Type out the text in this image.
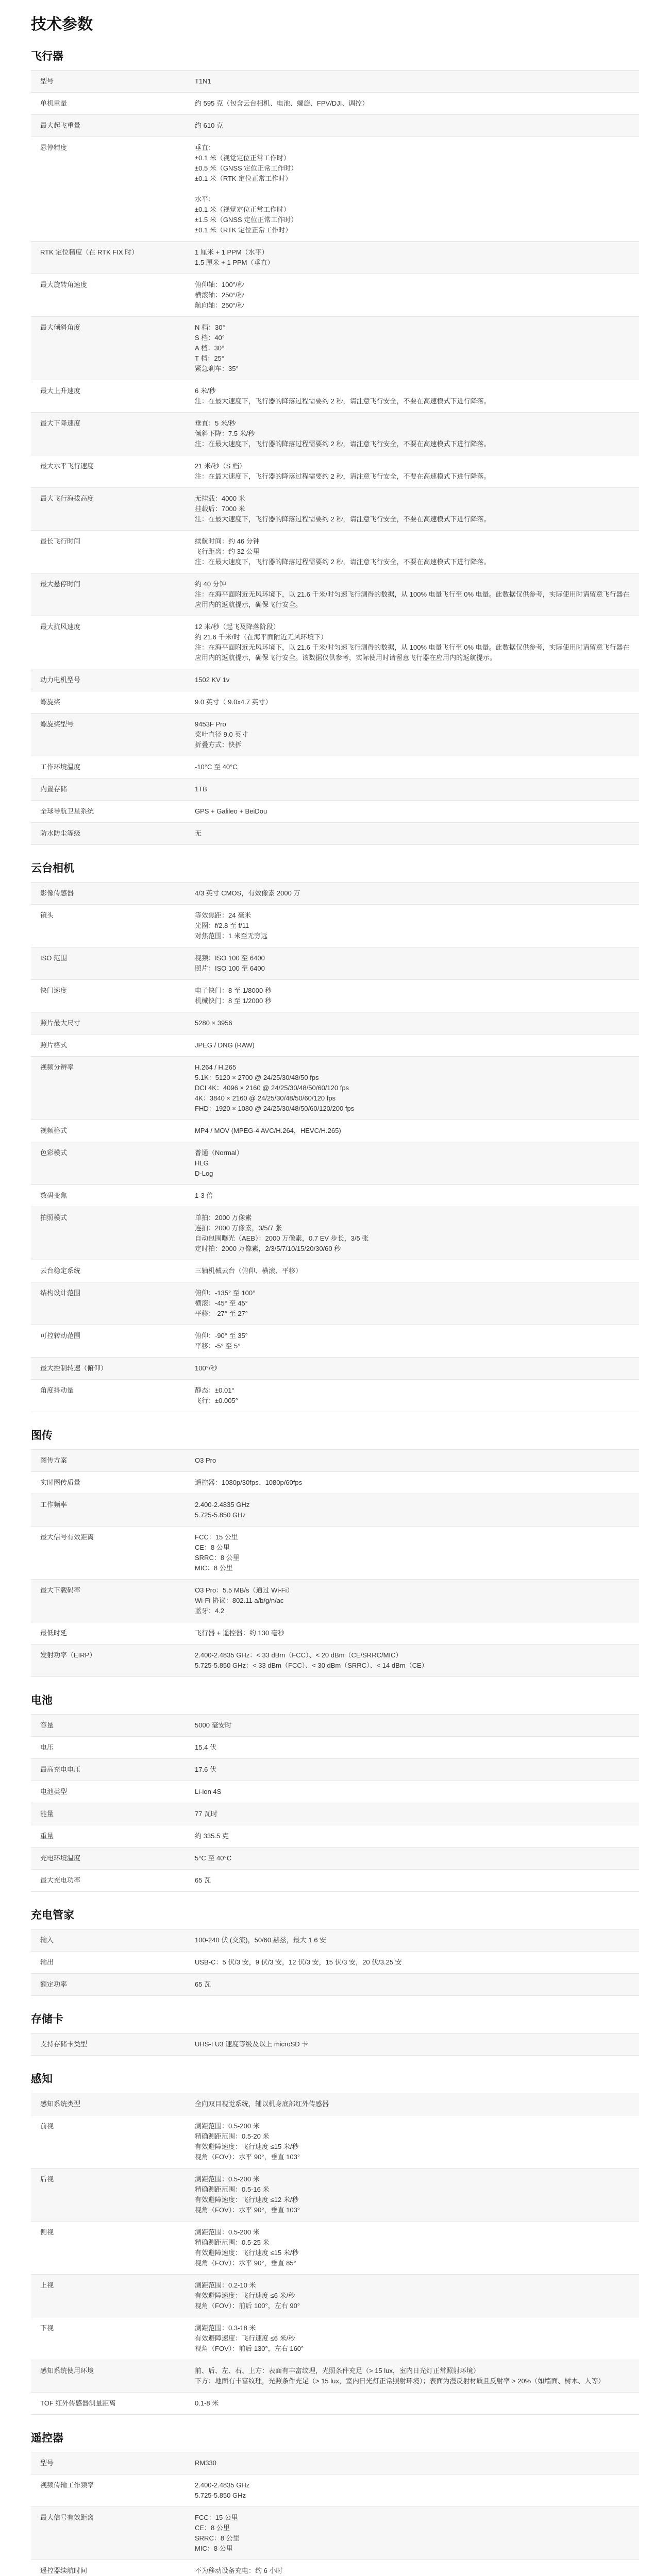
技术参数
飞行器
型号	T1N1
单机重量	约 595 克（包含云台相机、电池、螺旋、FPV/DJI、调控）
最大起飞重量	约 610 克
悬停精度	垂直：
±0.1 米（视觉定位正常工作时）
±0.5 米（GNSS 定位正常工作时）
±0.1 米（RTK 定位正常工作时）

水平：
±0.1 米（视觉定位正常工作时）
±1.5 米（GNSS 定位正常工作时）
±0.1 米（RTK 定位正常工作时）
RTK 定位精度（在 RTK FIX 时）	1 厘米 + 1 PPM（水平）
1.5 厘米 + 1 PPM（垂直）
最大旋转角速度	俯仰轴：100°/秒
横滚轴：250°/秒
航向轴：250°/秒
最大倾斜角度	N 档：30°
S 档：40°
A 档：30°
T 档：25°
紧急刹车：35°
最大上升速度	6 米/秒
注：在最大速度下，飞行器的降落过程需要约 2 秒，请注意飞行安全，不要在高速模式下进行降落。
最大下降速度	垂直：5 米/秒
倾斜下降：7.5 米/秒
注：在最大速度下，飞行器的降落过程需要约 2 秒，请注意飞行安全，不要在高速模式下进行降落。
最大水平飞行速度	21 米/秒（S 档）
注：在最大速度下，飞行器的降落过程需要约 2 秒，请注意飞行安全，不要在高速模式下进行降落。
最大飞行海拔高度	无挂载：4000 米
挂载后：7000 米
注：在最大速度下，飞行器的降落过程需要约 2 秒，请注意飞行安全，不要在高速模式下进行降落。
最长飞行时间	续航时间：约 46 分钟
飞行距离：约 32 公里
注：在最大速度下，飞行器的降落过程需要约 2 秒，请注意飞行安全，不要在高速模式下进行降落。
最大悬停时间	约 40 分钟
注：在海平面附近无风环境下，以 21.6 千米/时匀速飞行测得的数据，从 100% 电量飞行至 0% 电量。此数据仅供参考，实际使用时请留意飞行器在应用内的返航提示，确保飞行安全。
最大抗风速度	12 米/秒（起飞及降落阶段）
约 21.6 千米/时（在海平面附近无风环境下）
注：在海平面附近无风环境下，以 21.6 千米/时匀速飞行测得的数据，从 100% 电量飞行至 0% 电量。此数据仅供参考，实际使用时请留意飞行器在应用内的返航提示，确保飞行安全。该数据仅供参考，实际使用时请留意飞行器在应用内的返航提示。
动力电机型号	1502 KV 1v
螺旋桨	9.0 英寸（ 9.0x4.7 英寸）
螺旋桨型号	9453F Pro
桨叶直径 9.0 英寸
折叠方式：快拆
工作环境温度	-10°C 至 40°C
内置存储	1TB
全球导航卫星系统	GPS + Galileo + BeiDou
防水防尘等级	无
云台相机
影像传感器	4/3 英寸 CMOS，有效像素 2000 万
镜头	等效焦距：24 毫米
光圈：f/2.8 至 f/11
对焦范围：1 米至无穷远
ISO 范围	视频：ISO 100 至 6400
照片：ISO 100 至 6400
快门速度	电子快门：8 至 1/8000 秒
机械快门：8 至 1/2000 秒
照片最大尺寸	5280 × 3956
照片格式	JPEG / DNG (RAW)
视频分辨率	H.264 / H.265
5.1K：5120 × 2700 @ 24/25/30/48/50 fps
DCI 4K：4096 × 2160 @ 24/25/30/48/50/60/120 fps
4K：3840 × 2160 @ 24/25/30/48/50/60/120 fps
FHD：1920 × 1080 @ 24/25/30/48/50/60/120/200 fps
视频格式	MP4 / MOV (MPEG-4 AVC/H.264，HEVC/H.265)
色彩模式	普通（Normal）
HLG
D-Log
数码变焦	1-3 倍
拍照模式	单拍：2000 万像素
连拍：2000 万像素，3/5/7 张
自动包围曝光（AEB）：2000 万像素，0.7 EV 步长，3/5 张
定时拍：2000 万像素，2/3/5/7/10/15/20/30/60 秒
云台稳定系统	三轴机械云台（俯仰、横滚、平移）
结构设计范围	俯仰：-135° 至 100°
横滚：-45° 至 45°
平移：-27° 至 27°
可控转动范围	俯仰：-90° 至 35°
平移：-5° 至 5°
最大控制转速（俯仰）	100°/秒
角度抖动量	静态：±0.01°
飞行：±0.005°
图传
图传方案	O3 Pro
实时图传质量	遥控器：1080p/30fps、1080p/60fps
工作频率	2.400-2.4835 GHz
5.725-5.850 GHz
最大信号有效距离	FCC：15 公里
CE：8 公里
SRRC：8 公里
MIC：8 公里
最大下载码率	O3 Pro：5.5 MB/s（通过 Wi-Fi）
Wi-Fi 协议：802.11 a/b/g/n/ac
蓝牙：4.2
最低时延	飞行器 + 遥控器：约 130 毫秒
发射功率（EIRP）	2.400-2.4835 GHz：< 33 dBm（FCC）、< 20 dBm（CE/SRRC/MIC）
5.725-5.850 GHz：< 33 dBm（FCC）、< 30 dBm（SRRC）、< 14 dBm（CE）
电池
容量	5000 毫安时
电压	15.4 伏
最高充电电压	17.6 伏
电池类型	Li-ion 4S
能量	77 瓦时
重量	约 335.5 克
充电环境温度	5°C 至 40°C
最大充电功率	65 瓦
充电管家
输入	100-240 伏 (交流)，50/60 赫兹，最大 1.6 安
输出	USB-C：5 伏/3 安，9 伏/3 安，12 伏/3 安，15 伏/3 安，20 伏/3.25 安
额定功率	65 瓦
存储卡
支持存储卡类型	UHS-I U3 速度等级及以上 microSD 卡
感知
感知系统类型	全向双目视觉系统，辅以机身底部红外传感器
前视	测距范围：0.5-200 米
精确测距范围：0.5-20 米
有效避障速度：飞行速度 ≤15 米/秒
视角（FOV）：水平 90°，垂直 103°
后视	测距范围：0.5-200 米
精确测距范围：0.5-16 米
有效避障速度：飞行速度 ≤12 米/秒
视角（FOV）：水平 90°，垂直 103°
侧视	测距范围：0.5-200 米
精确测距范围：0.5-25 米
有效避障速度：飞行速度 ≤15 米/秒
视角（FOV）：水平 90°，垂直 85°
上视	测距范围：0.2-10 米
有效避障速度：飞行速度 ≤6 米/秒
视角（FOV）：前后 100°，左右 90°
下视	测距范围：0.3-18 米
有效避障速度：飞行速度 ≤6 米/秒
视角（FOV）：前后 130°，左右 160°
感知系统使用环境	前、后、左、右、上方：表面有丰富纹理，光照条件充足（> 15 lux，室内日光灯正常照射环境）
下方：地面有丰富纹理，光照条件充足（> 15 lux，室内日光灯正常照射环境）；表面为漫反射材质且反射率 > 20%（如墙面、树木、人等）
TOF 红外传感器测量距离	0.1-8 米
遥控器
型号	RM330
视频传输工作频率	2.400-2.4835 GHz
5.725-5.850 GHz
最大信号有效距离	FCC：15 公里
CE：8 公里
SRRC：8 公里
MIC：8 公里
遥控器续航时间	不为移动设备充电：约 6 小时
